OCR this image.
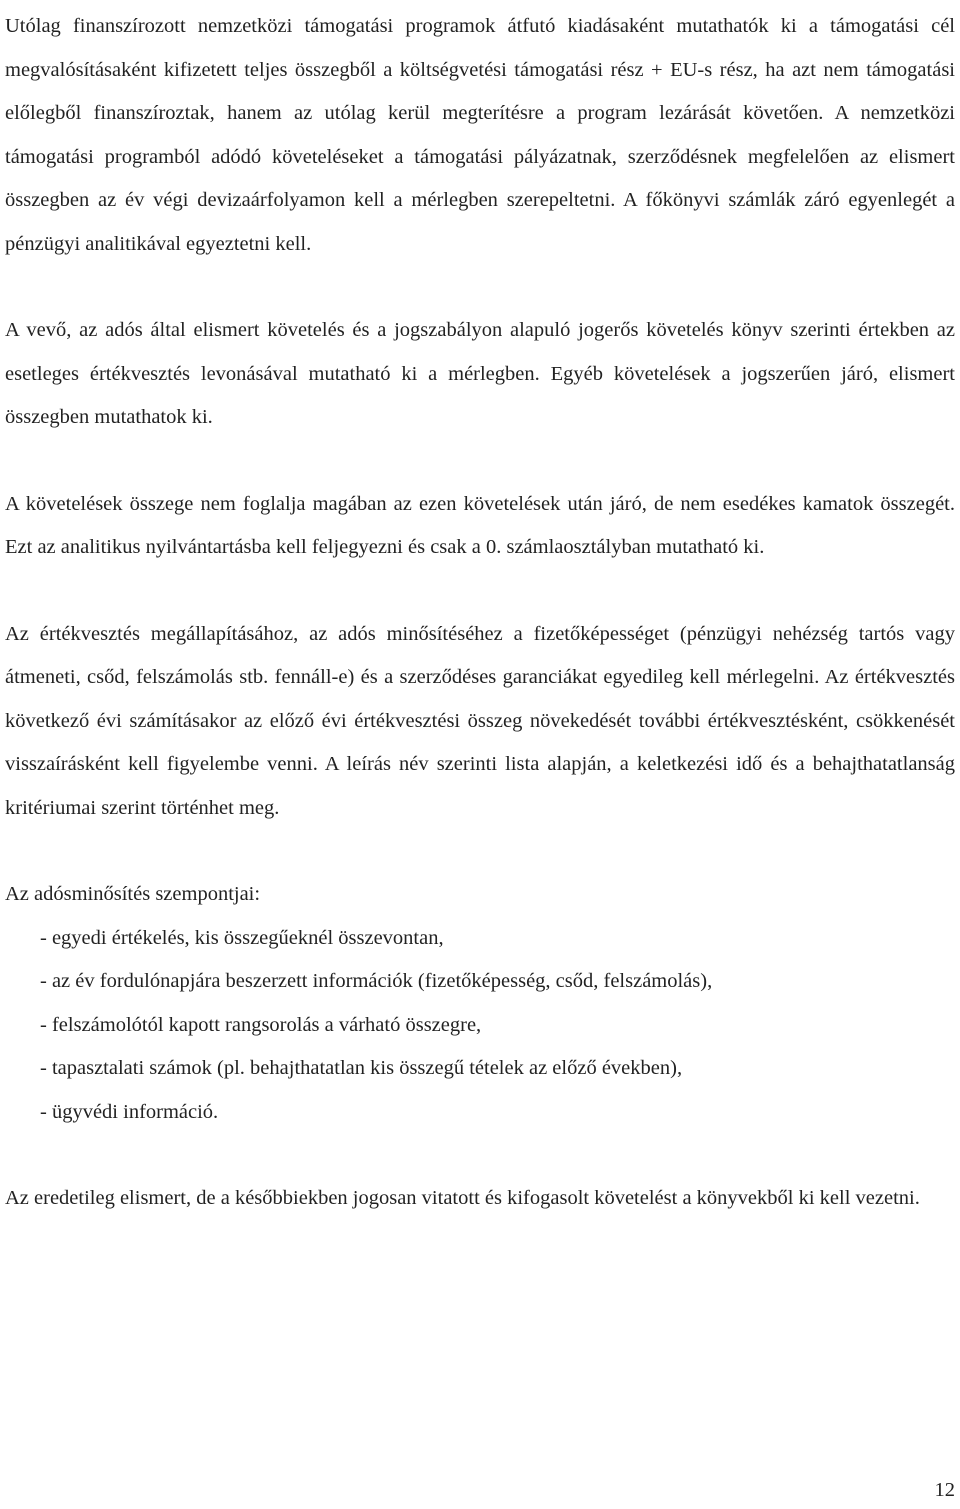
Utólag finanszírozott nemzetközi támogatási programok átfutó kiadásaként mutathatók ki a támogatási cél megvalósításaként kifizetett teljes összegből a költségvetési támogatási rész + EU-s rész, ha azt nem támogatási előlegből finanszíroztak, hanem az utólag kerül megterítésre a program lezárását követően. A nemzetközi támogatási programból adódó követeléseket a támogatási pályázatnak, szerződésnek megfelelően az elismert összegben az év végi devizaárfolyamon kell a mérlegben szerepeltetni. A főkönyvi számlák záró egyenlegét a pénzügyi analitikával egyeztetni kell.

A vevő, az adós által elismert követelés és a jogszabályon alapuló jogerős követelés könyv szerinti értekben az esetleges értékvesztés levonásával mutatható ki a mérlegben. Egyéb követelések a jogszerűen járó, elismert összegben mutathatok ki.

A követelések összege nem foglalja magában az ezen követelések után járó, de nem esedékes kamatok összegét. Ezt az analitikus nyilvántartásba kell feljegyezni és csak a 0. számlaosztályban mutatható ki.

Az értékvesztés megállapításához, az adós minősítéséhez a fizetőképességet (pénzügyi nehézség tartós vagy átmeneti, csőd, felszámolás stb. fennáll-e) és a szerződéses garanciákat egyedileg kell mérlegelni. Az értékvesztés következő évi számításakor az előző évi értékvesztési összeg növekedését további értékvesztésként, csökkenését visszaírásként kell figyelembe venni. A leírás név szerinti lista alapján, a keletkezési idő és a behajthatatlanság kritériumai szerint történhet meg.

Az adósminősítés szempontjai:

- egyedi értékelés, kis összegűeknél összevontan,
- az év fordulónapjára beszerzett információk (fizetőképesség, csőd, felszámolás),
- felszámolótól kapott rangsorolás a várható összegre,
- tapasztalati számok (pl. behajthatatlan kis összegű tételek az előző években),
- ügyvédi információ.

Az eredetileg elismert, de a későbbiekben jogosan vitatott és kifogasolt követelést a könyvekből ki kell vezetni.

12
